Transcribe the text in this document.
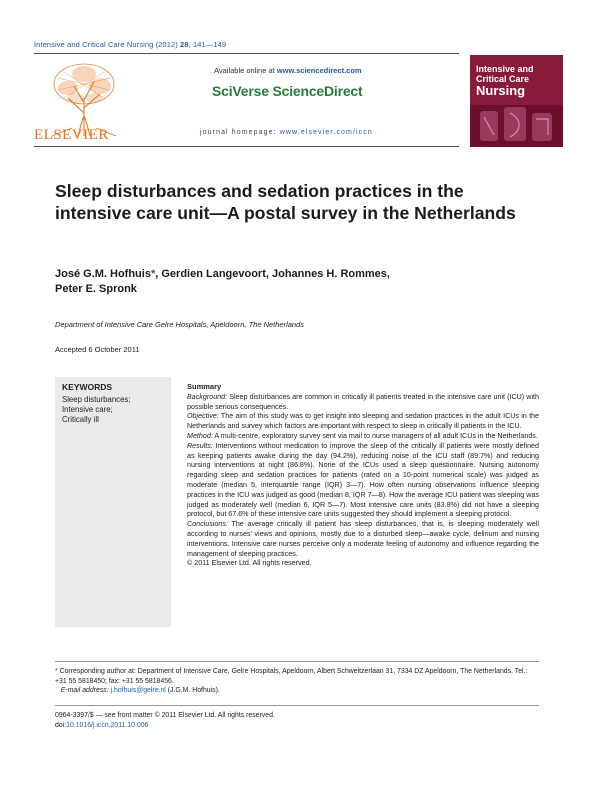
Intensive and Critical Care Nursing (2012) 28, 141—149
ELSEVIER
Available online at www.sciencedirect.com
SciVerse ScienceDirect
journal homepage: www.elsevier.com/iccn
Intensive and
Critical Care

Nursing
Sleep disturbances and sedation practices in the intensive care unit—A postal survey in the Netherlands
José G.M. Hofhuis*, Gerdien Langevoort, Johannes H. Rommes,
Peter E. Spronk
Department of Intensive Care Gelre Hospitals, Apeldoorn, The Netherlands
Accepted 6 October 2011
KEYWORDS
Sleep disturbances;
Intensive care;
Critically ill
Summary

Background: Sleep disturbances are common in critically ill patients treated in the intensive care unit (ICU) with possible serious consequences.

Objective: The aim of this study was to get insight into sleeping and sedation practices in the adult ICUs in the Netherlands and survey which factors are important with respect to sleep in critically ill patients in the ICU.

Method: A multi-centre, exploratory survey sent via mail to nurse managers of all adult ICUs in the Netherlands.

Results: Interventions without medication to improve the sleep of the critically ill patients were mostly defined as keeping patients awake during the day (94.2%), reducing noise of the ICU staff (89.7%) and reducing nursing interventions at night (86.8%). None of the ICUs used a sleep questionnaire. Nursing autonomy regarding sleep and sedation practices for patients (rated on a 10-point numerical scale) was judged as moderate (median 5, interquartile range (IQR) 3—7). How often nursing observations influence sleeping practices in the ICU was judged as good (median 8, IQR 7—8). How the average ICU patient was sleeping was judged as moderately well (median 6, IQR 5—7). Most intensive care units (83.8%) did not have a sleeping protocol, but 67.6% of these intensive care units suggested they should implement a sleeping protocol.

Conclusions: The average critically ill patient has sleep disturbances, that is, is sleeping moderately well according to nurses’ views and opinions, mostly due to a disturbed sleep—awake cycle, delirium and nursing interventions. Intensive care nurses perceive only a moderate feeling of autonomy and influence regarding the management of sleeping practices.

© 2011 Elsevier Ltd. All rights reserved.

* Corresponding author at: Department of Intensive Care, Gelre Hospitals, Apeldoorn, Albert Schweitzerlaan 31, 7334 DZ Apeldoorn, The Netherlands. Tel.: +31 55 5818450; fax: +31 55 5818456.
E-mail address: j.hofhuis@gelre.nl (J.G.M. Hofhuis).
0964-3397/$ — see front matter © 2011 Elsevier Ltd. All rights reserved.
doi:10.1016/j.iccn.2011.10.006
